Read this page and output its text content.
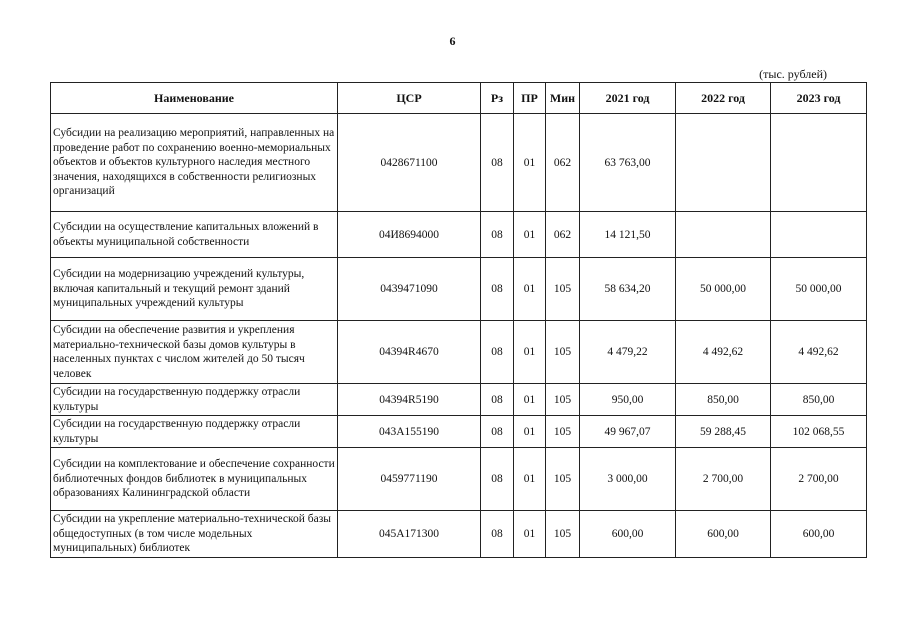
6
(тыс. рублей)
Наименование	ЦСР	Рз	ПР	Мин	2021 год	2022 год	2023 год
Субсидии на реализацию мероприятий, направленных на проведение работ по сохранению военно-мемориальных объектов и объектов культурного наследия местного значения, находящихся в собственности религиозных организаций	0428671100	08	01	062	63 763,00		
Субсидии на осуществление капитальных вложений в объекты муниципальной собственности	04И8694000	08	01	062	14 121,50		
Субсидии на модернизацию учреждений культуры, включая капитальный и текущий ремонт зданий муниципальных учреждений культуры	0439471090	08	01	105	58 634,20	50 000,00	50 000,00
Субсидии на обеспечение развития и укрепления материально-технической базы домов культуры в населенных пунктах с числом жителей до 50 тысяч человек	04394R4670	08	01	105	4 479,22	4 492,62	4 492,62
Субсидии на государственную поддержку отрасли культуры	04394R5190	08	01	105	950,00	850,00	850,00
Субсидии на государственную поддержку отрасли культуры	043A155190	08	01	105	49 967,07	59 288,45	102 068,55
Субсидии на комплектование и обеспечение сохранности библиотечных фондов библиотек в муниципальных образованиях Калининградской области	0459771190	08	01	105	3 000,00	2 700,00	2 700,00
Субсидии на укрепление материально-технической базы общедоступных (в том числе модельных муниципальных) библиотек	045A171300	08	01	105	600,00	600,00	600,00
